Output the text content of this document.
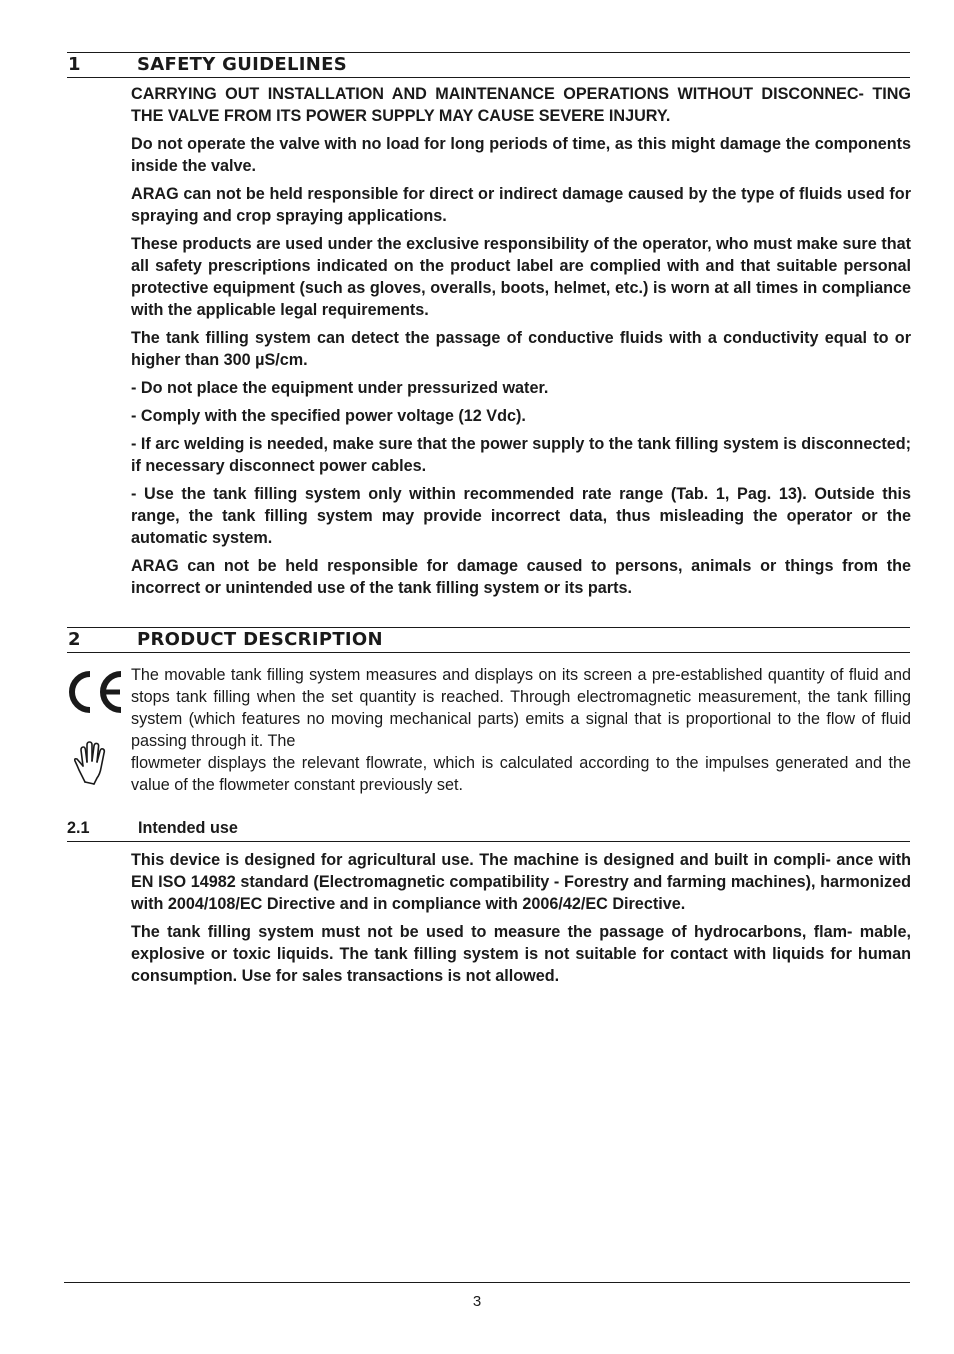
1	SAFETY GUIDELINES

CARRYING OUT INSTALLATION AND MAINTENANCE OPERATIONS WITHOUT DISCONNEC- TING THE VALVE FROM ITS POWER SUPPLY MAY CAUSE SEVERE INJURY.

Do not operate the valve with no load for long periods of time, as this might damage the components inside the valve.

ARAG can not be held responsible for direct or indirect damage caused by the type of fluids used for spraying and crop spraying applications.

These products are used under the exclusive responsibility of the operator, who must make sure that all safety prescriptions indicated on the product label are complied with and that suitable personal protective equipment (such as gloves, overalls, boots, helmet, etc.) is worn at all times in compliance with the applicable legal requirements.

The tank filling system can detect the passage of conductive fluids with a conductivity equal to or higher than 300 µS/cm.

- Do not place the equipment under pressurized water.

- Comply with the specified power voltage (12 Vdc).

- If arc welding is needed, make sure that the power supply to the tank filling system is disconnected; if necessary disconnect power cables.

- Use the tank filling system only within recommended rate range (Tab. 1, Pag. 13). Outside this range, the tank filling system may provide incorrect data, thus misleading the operator or the automatic system.

ARAG can not be held responsible for damage caused to persons, animals or things from the incorrect or unintended use of the tank filling system or its parts.

2	PRODUCT DESCRIPTION

The movable tank filling system measures and displays on its screen a pre-established quantity of fluid and stops tank filling when the set quantity is reached. Through electromagnetic measurement, the tank filling system (which features no moving mechanical parts) emits a signal that is proportional to the flow of fluid passing through it. The

flowmeter displays the relevant flowrate, which is calculated according to the impulses generated and the value of the flowmeter constant previously set.

2.1	Intended use

This device is designed for agricultural use. The machine is designed and built in compli- ance with EN ISO 14982 standard (Electromagnetic compatibility - Forestry and farming machines), harmonized with 2004/108/EC Directive and in compliance with 2006/42/EC Directive.

The tank filling system must not be used to measure the passage of hydrocarbons, flam- mable, explosive or toxic liquids. The tank filling system is not suitable for contact with liquids for human consumption. Use for sales transactions is not allowed.

3
